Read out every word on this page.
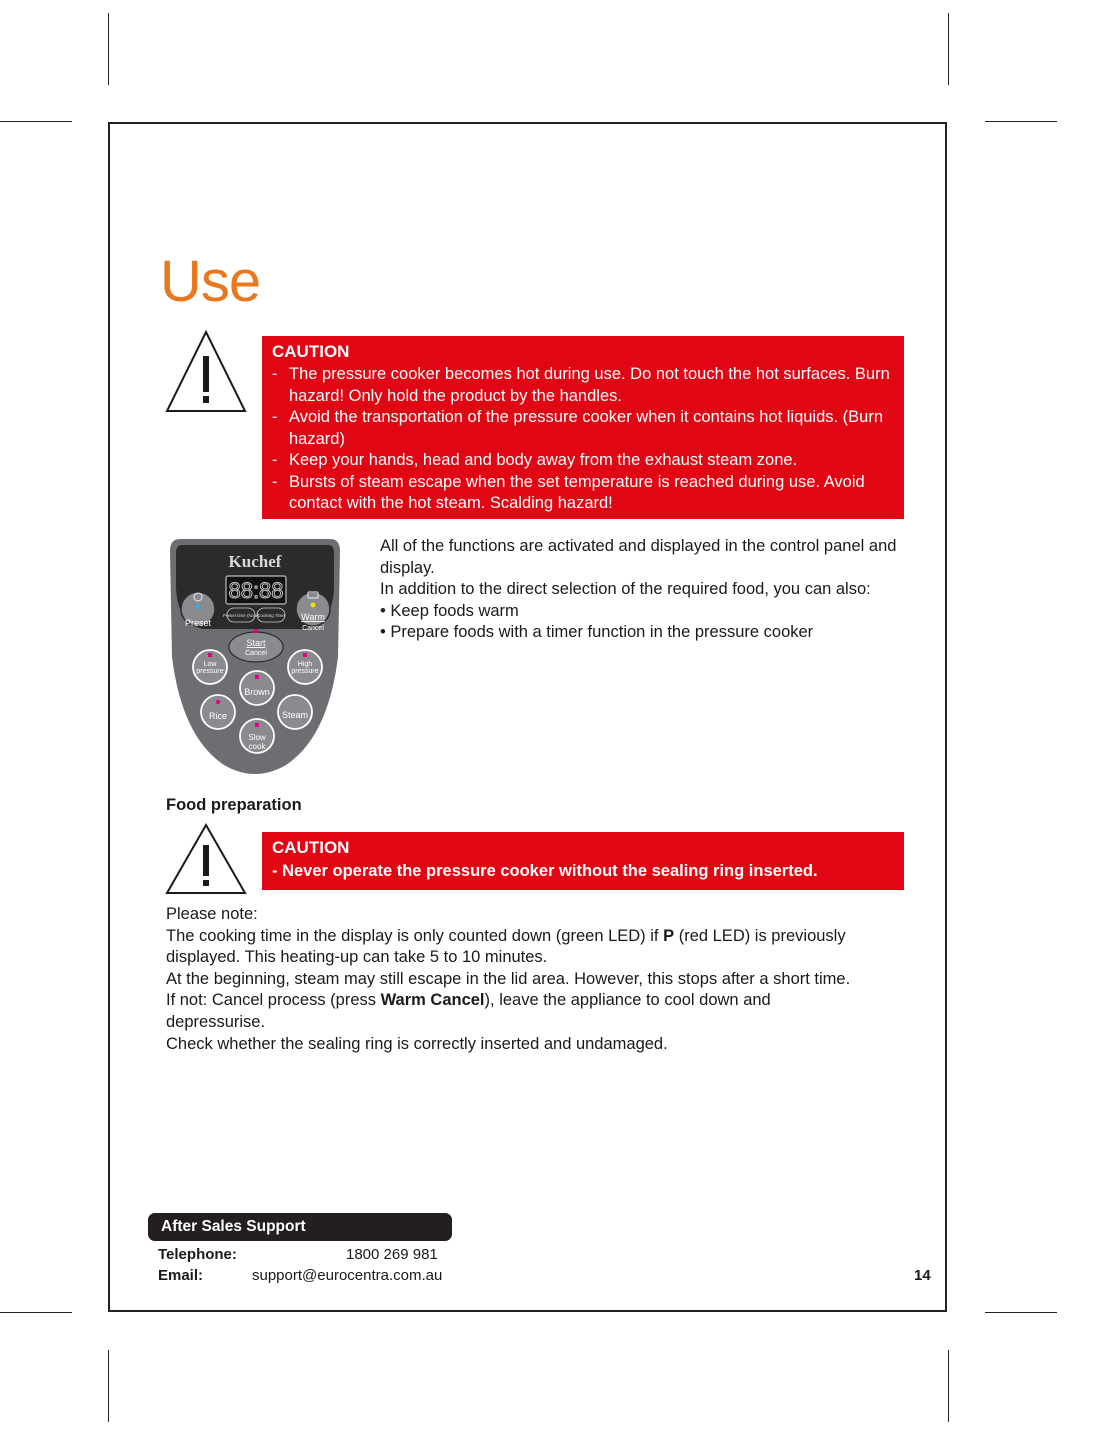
Use
CAUTION
- The pressure cooker becomes hot during use. Do not touch the hot surfaces. Burn hazard! Only hold the product by the handles.
- Avoid the transportation of the pressure cooker when it contains hot liquids. (Burn hazard)
- Keep your hands, head and body away from the exhaust steam zone.
- Bursts of steam escape when the set temperature is reached during use. Avoid contact with the hot steam. Scalding hazard!
Kuchef
88:88
Preset time (hour)
Cooking Time
Preset
Warm
Cancel
Start
Cancel
Low
pressure
High
pressure
Brown
Rice	Steam
Slow
cook

All of the functions are activated and displayed in the control panel and display.

In addition to the direct selection of the required food, you can also:

• Keep foods warm
• Prepare foods with a timer function in the pressure cooker
Food preparation
CAUTION
- Never operate the pressure cooker without the sealing ring inserted.

Please note:

The cooking time in the display is only counted down (green LED) if P (red LED) is previously displayed. This heating-up can take 5 to 10 minutes.

At the beginning, steam may still escape in the lid area. However, this stops after a short time.

If not: Cancel process (press Warm Cancel), leave the appliance to cool down and depressurise.

Check whether the sealing ring is correctly inserted and undamaged.

After Sales Support
Telephone:	1800 269 981
Email:	support@eurocentra.com.au	14
